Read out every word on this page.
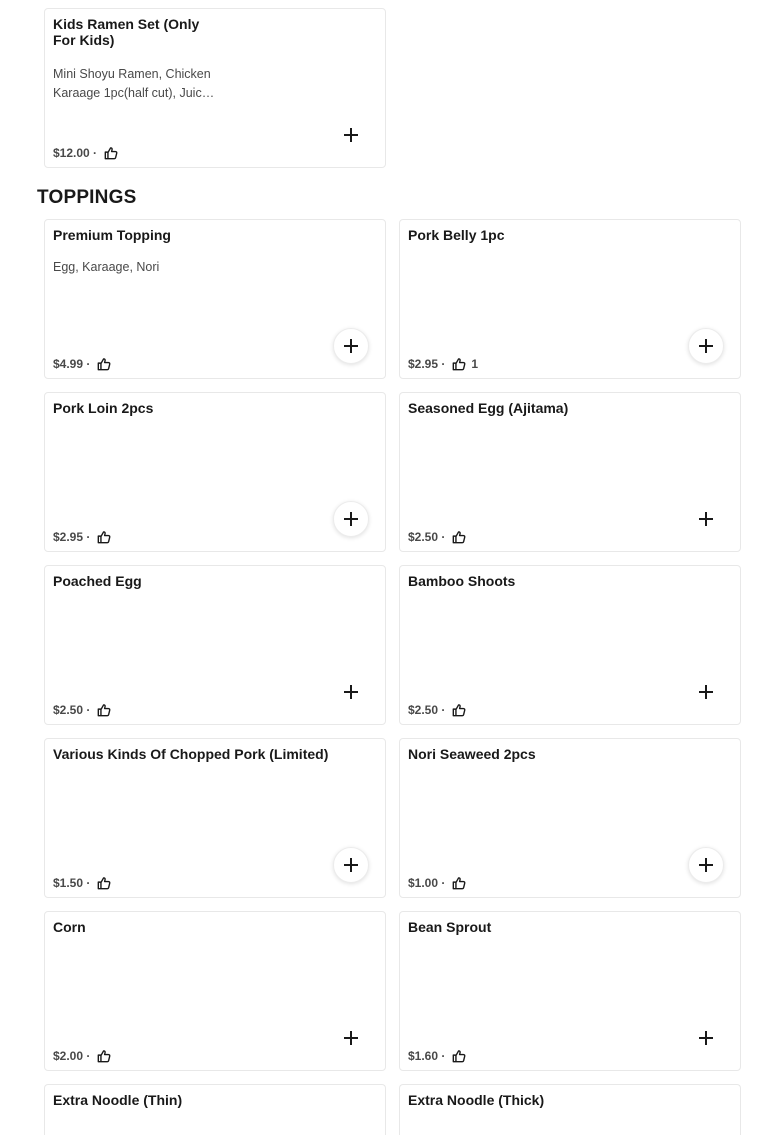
Kids Ramen Set (Only For Kids)
Mini Shoyu Ramen, Chicken Karaage 1pc(half cut), Juic…
$12.00 ·
TOPPINGS
Premium Topping
Egg, Karaage, Nori
$4.99 ·
Pork Belly 1pc
$2.95 · 1
Pork Loin 2pcs
$2.95 ·
Seasoned Egg (Ajitama)
$2.50 ·
Poached Egg
$2.50 ·
Bamboo Shoots
$2.50 ·
Various Kinds Of Chopped Pork (Limited)
$1.50 ·
Nori Seaweed 2pcs
$1.00 ·
Corn
$2.00 ·
Bean Sprout
$1.60 ·
Extra Noodle (Thin)	Extra Noodle (Thick)
